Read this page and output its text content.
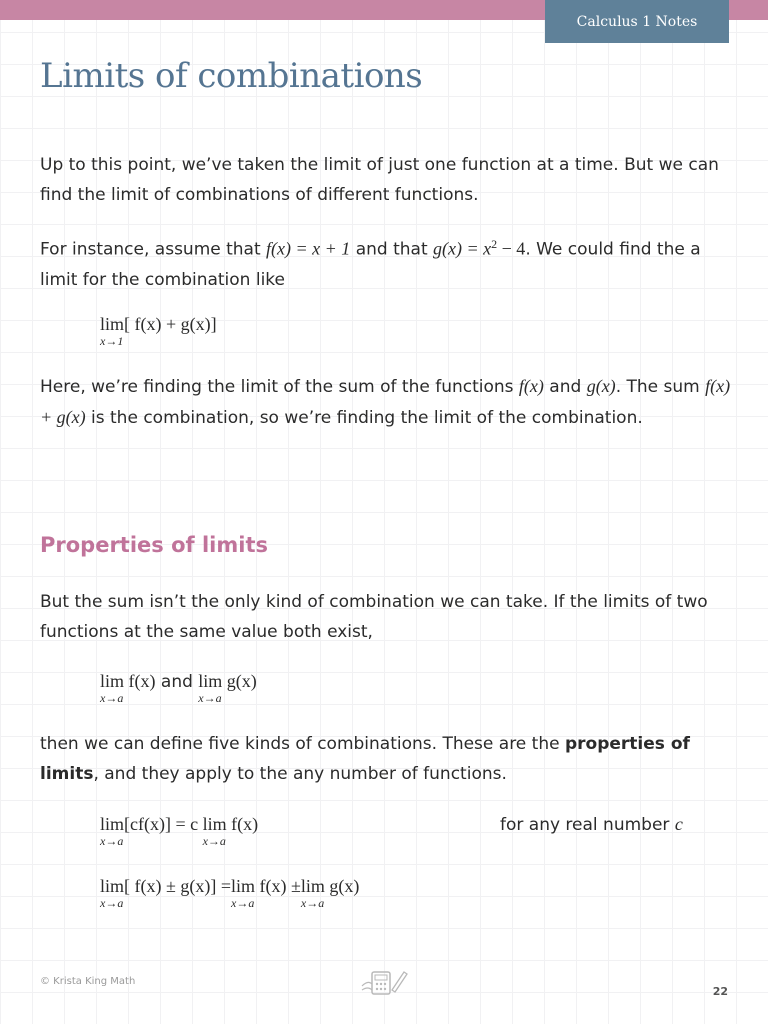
Calculus 1 Notes
Limits of combinations

Up to this point, we’ve taken the limit of just one function at a time. But we can find the limit of combinations of different functions.

For instance, assume that f(x) = x + 1 and that $g(x) = x^2 - 4$. We could find the a limit for the combination like

lim[ f(x) + g(x)]
x→1

Here, we’re finding the limit of the sum of the functions f(x) and g(x). The sum f(x) + g(x) is the combination, so we’re finding the limit of the combination.

Properties of limits

But the sum isn’t the only kind of combination we can take. If the limits of two functions at the same value both exist,

lim f(x)
x→a
and lim g(x)
x→a

then we can define five kinds of combinations. These are the properties of limits, and they apply to the any number of functions.

lim[cf(x)] = c
x→a
lim f(x)
x→a
for any real number c
lim[ f(x) ± g(x)] =
x→a
lim f(x) ±
x→a
lim g(x)
x→a
© Krista King Math
22
